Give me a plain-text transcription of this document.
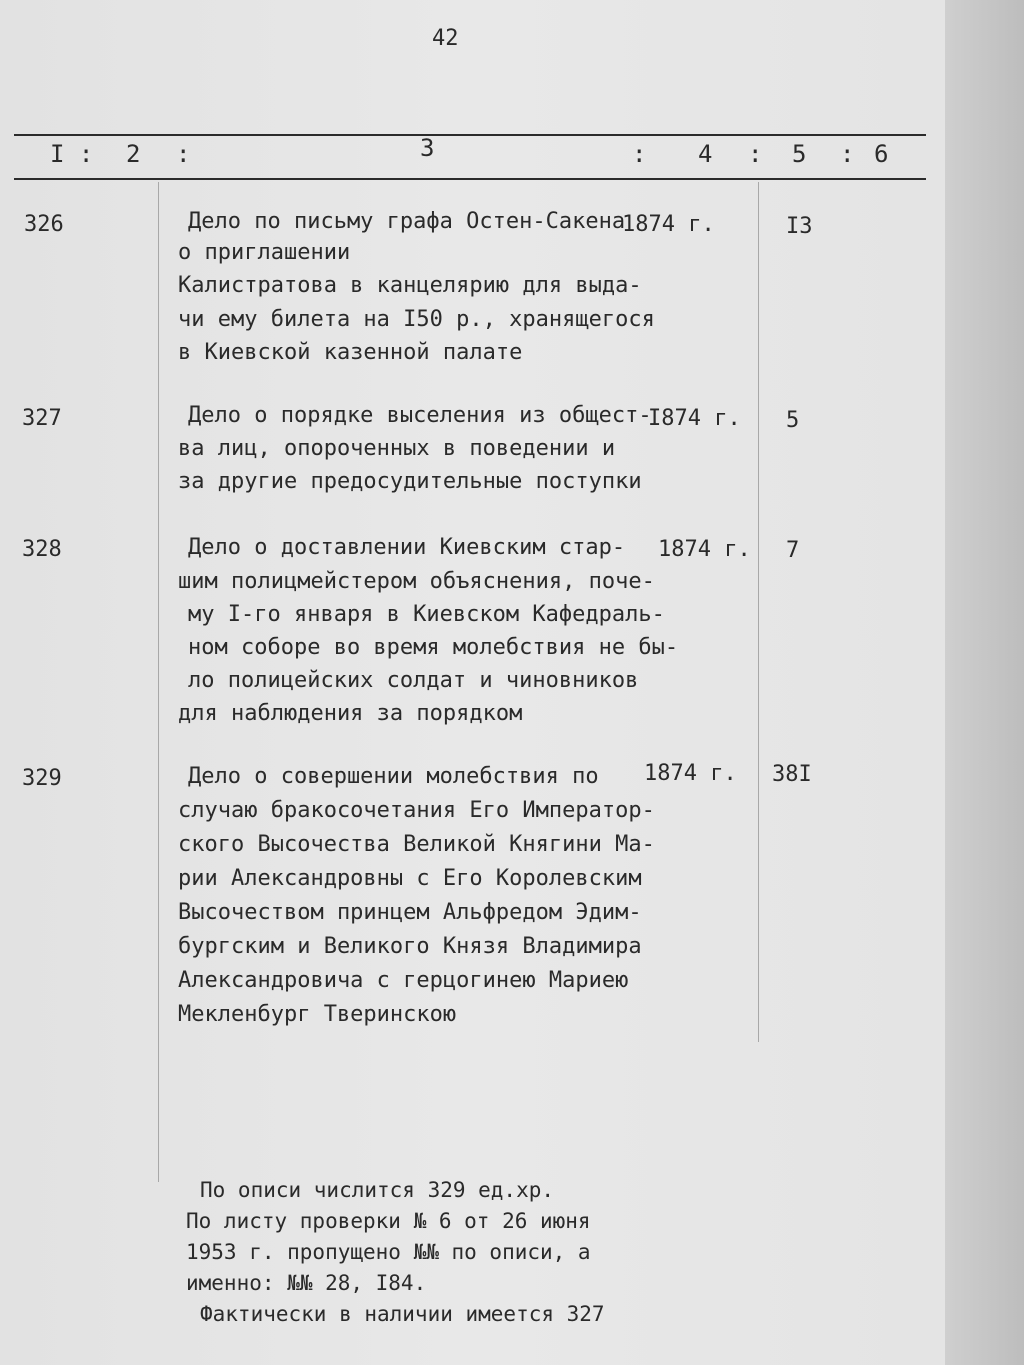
42
I : 2 :	3	: 4 : 5 : 6
326	Дело по письму графа Остен-Сакена
о приглашении
Калистратова в канцелярию для выда-
чи ему билета на I50 р., хранящегося
в Киевской казенной палате
1874 г.	I3
327	Дело о порядке выселения из общест-
ва лиц, опороченных в поведении и
за другие предосудительные поступки
I874 г. 5
328	Дело о доставлении Киевским стар-
шим полицмейстером объяснения, поче-
му I-го января в Киевском Кафедраль-
ном соборе во время молебствия не бы-
ло полицейских солдат и чиновников
для наблюдения за порядком
1874 г. 7
329	Дело о совершении молебствия по
случаю бракосочетания Его Император-
ского Высочества Великой Княгини Ма-
рии Александровны с Его Королевским
Высочеством принцем Альфредом Эдим-
бургским и Великого Князя Владимира
Александровича с герцогинею Мариею
Мекленбург Тверинскою
1874 г. 38I
По описи числится 329 ед.хр.
По листу проверки № 6 от 26 июня
1953 г. пропущено №№ по описи, а
именно: №№ 28, I84.
Фактически в наличии имеется 327
